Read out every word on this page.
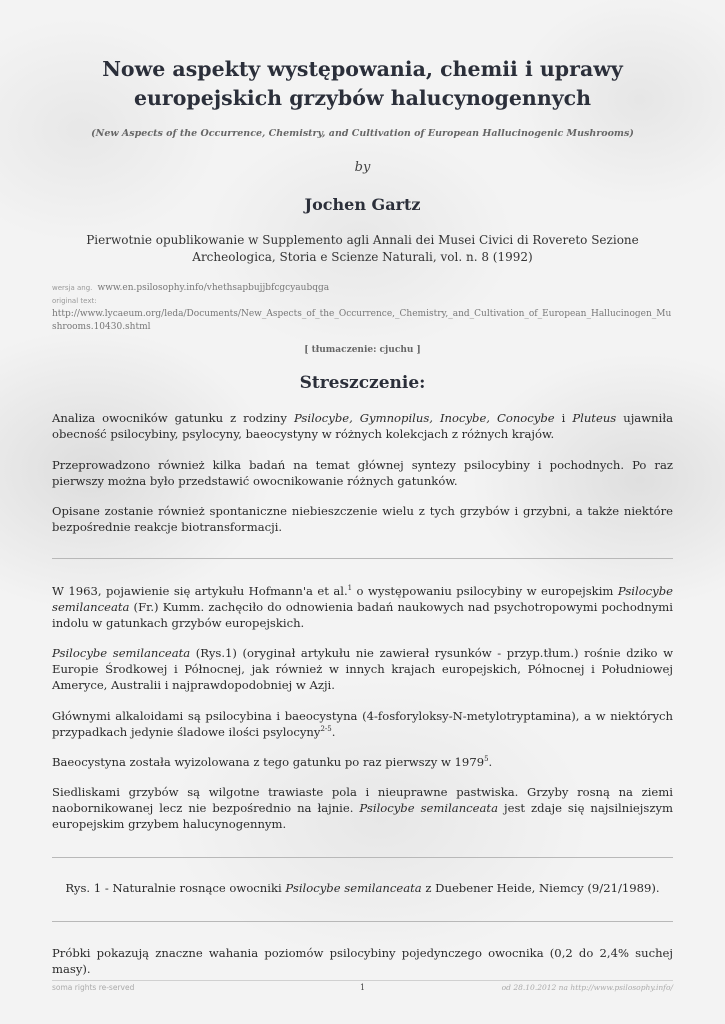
Nowe aspekty występowania, chemii i uprawy europejskich grzybów halucynogennych
(New Aspects of the Occurrence, Chemistry, and Cultivation of European Hallucinogenic Mushrooms)
by
Jochen Gartz
Pierwotnie opublikowanie w Supplemento agli Annali dei Musei Civici di Rovereto Sezione Archeologica, Storia e Scienze Naturali, vol. n. 8 (1992)
wersja ang. www.en.psilosophy.info/vhethsapbujjbfcgcyaubqga
original text:
http://www.lycaeum.org/leda/Documents/New_Aspects_of_the_Occurrence,_Chemistry,_and_Cultivation_of_European_Hallucinogen_Mushrooms.10430.shtml
[ tłumaczenie: cjuchu ]
Streszczenie:

Analiza owocników gatunku z rodziny Psilocybe, Gymnopilus, Inocybe, Conocybe i Pluteus ujawniła obecność psilocybiny, psylocyny, baeocystyny w różnych kolekcjach z różnych krajów.

Przeprowadzono również kilka badań na temat głównej syntezy psilocybiny i pochodnych. Po raz pierwszy można było przedstawić owocnikowanie różnych gatunków.

Opisane zostanie również spontaniczne niebieszczenie wielu z tych grzybów i grzybni, a także niektóre bezpośrednie reakcje biotransformacji.

W 1963, pojawienie się artykułu Hofmann'a et al.$^1$ o występowaniu psilocybiny w europejskim Psilocybe semilanceata (Fr.) Kumm. zachęciło do odnowienia badań naukowych nad psychotropowymi pochodnymi indolu w gatunkach grzybów europejskich.

Psilocybe semilanceata (Rys.1) (oryginał artykułu nie zawierał rysunków - przyp.tłum.) rośnie dziko w Europie Środkowej i Północnej, jak również w innych krajach europejskich, Północnej i Południowej Ameryce, Australii i najprawdopodobniej w Azji.

Głównymi alkaloidami są psilocybina i baeocystyna (4-fosforyloksy-N-metylotryptamina), a w niektórych przypadkach jedynie śladowe ilości psylocyny$^{2-5}$.

Baeocystyna została wyizolowana z tego gatunku po raz pierwszy w 1979$^5$.

Siedliskami grzybów są wilgotne trawiaste pola i nieuprawne pastwiska. Grzyby rosną na ziemi naobornikowanej lecz nie bezpośrednio na łajnie. Psilocybe semilanceata jest zdaje się najsilniejszym europejskim grzybem halucynogennym.

Rys. 1 - Naturalnie rosnące owocniki Psilocybe semilanceata z Duebener Heide, Niemcy (9/21/1989).

Próbki pokazują znaczne wahania poziomów psilocybiny pojedynczego owocnika (0,2 do 2,4% suchej masy).

soma rights re-served	1	od 28.10.2012 na http://www.psilosophy.info/
